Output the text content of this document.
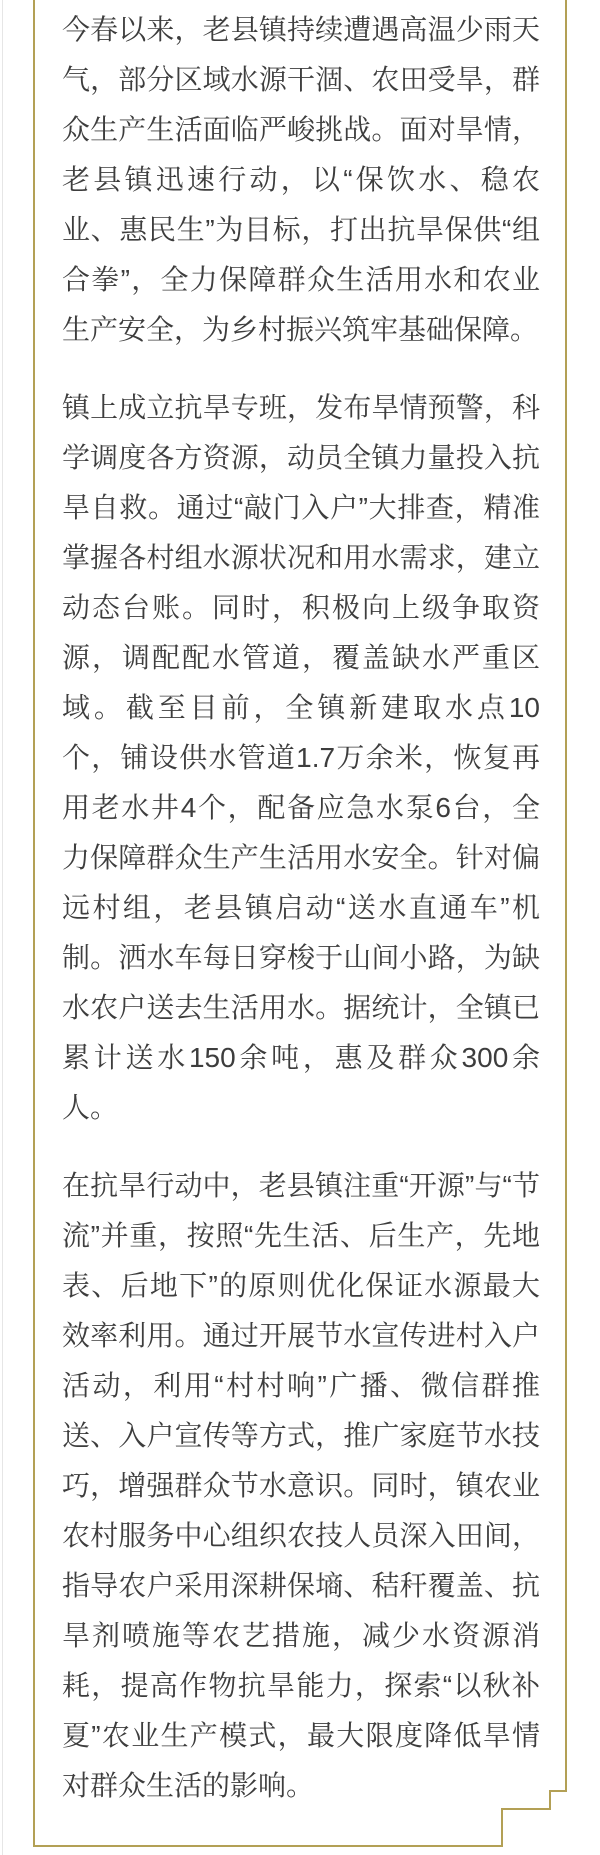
今春以来，老县镇持续遭遇高温少雨天气，部分区域水源干涸、农田受旱，群众生产生活面临严峻挑战。面对旱情，老县镇迅速行动，以“保饮水、稳农业、惠民生”为目标，打出抗旱保供“组合拳”，全力保障群众生活用水和农业生产安全，为乡村振兴筑牢基础保障。

镇上成立抗旱专班，发布旱情预警，科学调度各方资源，动员全镇力量投入抗旱自救。通过“敲门入户”大排查，精准掌握各村组水源状况和用水需求，建立动态台账。同时，积极向上级争取资源，调配配水管道，覆盖缺水严重区域。截至目前，全镇新建取水点10个，铺设供水管道1.7万余米，恢复再用老水井4个，配备应急水泵6台，全力保障群众生产生活用水安全。针对偏远村组，老县镇启动“送水直通车”机制。洒水车每日穿梭于山间小路，为缺水农户送去生活用水。据统计，全镇已累计送水150余吨，惠及群众300余人。

在抗旱行动中，老县镇注重“开源”与“节流”并重，按照“先生活、后生产，先地表、后地下”的原则优化保证水源最大效率利用。通过开展节水宣传进村入户活动，利用“村村响”广播、微信群推送、入户宣传等方式，推广家庭节水技巧，增强群众节水意识。同时，镇农业农村服务中心组织农技人员深入田间，指导农户采用深耕保墒、秸秆覆盖、抗旱剂喷施等农艺措施，减少水资源消耗，提高作物抗旱能力，探索“以秋补夏”农业生产模式，最大限度降低旱情对群众生活的影响。
